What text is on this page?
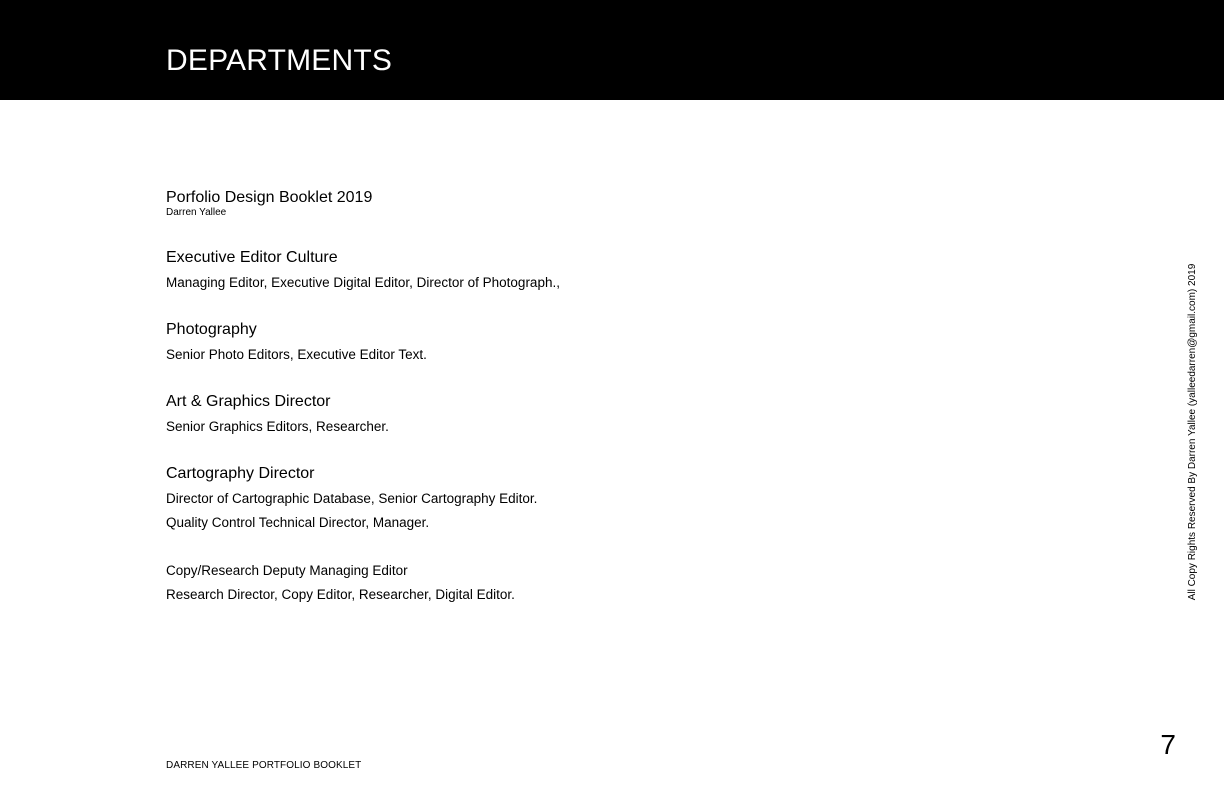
DEPARTMENTS
Porfolio Design Booklet 2019
Darren Yallee
Executive Editor Culture
Managing Editor, Executive Digital Editor, Director of Photograph.,
Photography
Senior Photo Editors, Executive Editor Text.
Art & Graphics Director
Senior Graphics Editors, Researcher.
Cartography Director
Director of Cartographic Database, Senior Cartography Editor.
Quality Control Technical Director, Manager.
Copy/Research Deputy Managing Editor
Research Director, Copy Editor, Researcher, Digital Editor.	All Copy Rights Reserved By Darren Yallee (yalleedarren@gmail.com) 2019
7
DARREN YALLEE PORTFOLIO BOOKLET
